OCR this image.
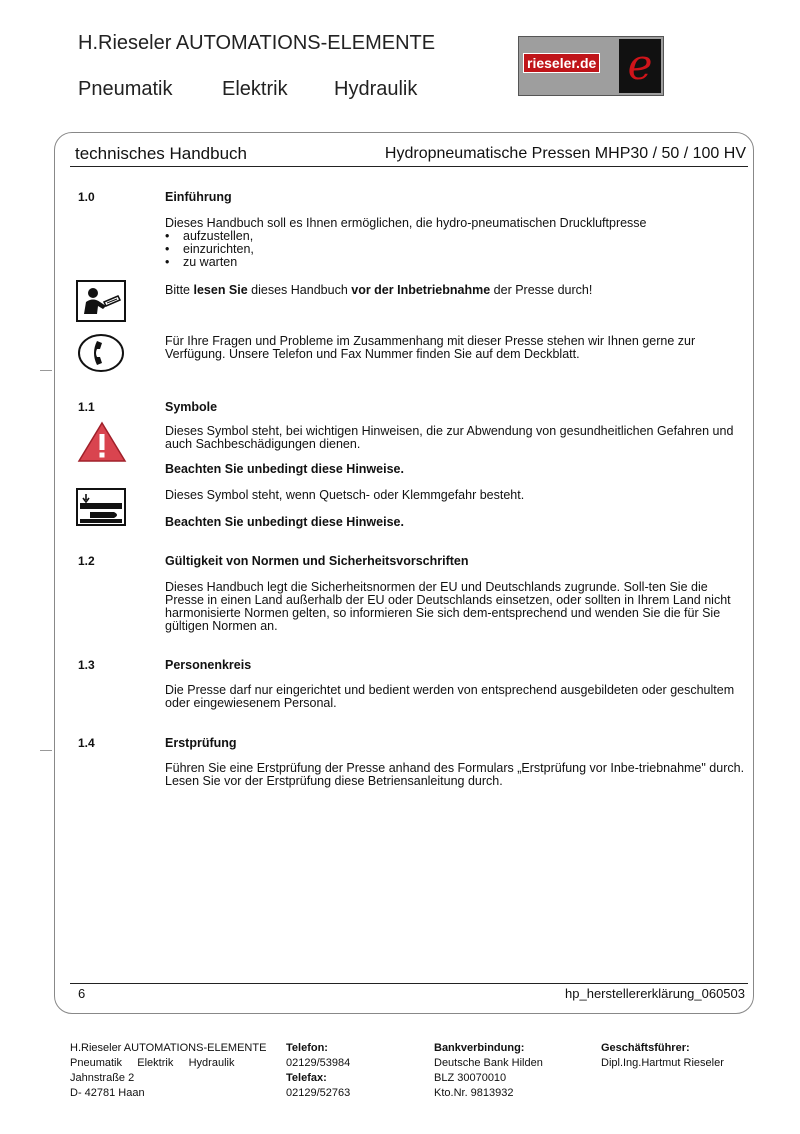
H.Rieseler AUTOMATIONS-ELEMENTE
Pneumatik Elektrik Hydraulik
rieseler.de e
technisches Handbuch	Hydropneumatische Pressen MHP30 / 50 / 100 HV
1.0	Einführung
Dieses Handbuch soll es Ihnen ermöglichen, die hydro-pneumatischen Druckluftpresse
• aufzustellen,
• einzurichten,
• zu warten
Bitte lesen Sie dieses Handbuch vor der Inbetriebnahme der Presse durch!
Für Ihre Fragen und Probleme im Zusammenhang mit dieser Presse stehen wir Ihnen gerne zur Verfügung. Unsere Telefon und Fax Nummer finden Sie auf dem Deckblatt.
1.1	Symbole
Dieses Symbol steht, bei wichtigen Hinweisen, die zur Abwendung von gesundheitlichen Gefahren und auch Sachbeschädigungen dienen.
Beachten Sie unbedingt diese Hinweise.
Dieses Symbol steht, wenn Quetsch- oder Klemmgefahr besteht.
Beachten Sie unbedingt diese Hinweise.
1.2	Gültigkeit von Normen und Sicherheitsvorschriften
Dieses Handbuch legt die Sicherheitsnormen der EU und Deutschlands zugrunde. Soll-ten Sie die Presse in einen Land außerhalb der EU oder Deutschlands einsetzen, oder sollten in Ihrem Land nicht harmonisierte Normen gelten, so informieren Sie sich dem-entsprechend und wenden Sie die für Sie gültigen Normen an.
1.3	Personenkreis
Die Presse darf nur eingerichtet und bedient werden von entsprechend ausgebildeten oder geschultem oder eingewiesenem Personal.
1.4	Erstprüfung
Führen Sie eine Erstprüfung der Presse anhand des Formulars „Erstprüfung vor Inbe-triebnahme" durch. Lesen Sie vor der Erstprüfung diese Betriensanleitung durch.
6	hp_herstellererklärung_060503
H.Rieseler AUTOMATIONS-ELEMENTE
Pneumatik Elektrik Hydraulik
Jahnstraße 2
D- 42781 Haan
Telefon:
02129/53984
Telefax:
02129/52763
Bankverbindung:
Deutsche Bank Hilden
BLZ 30070010
Kto.Nr. 9813932
Geschäftsführer:
Dipl.Ing.Hartmut Rieseler
